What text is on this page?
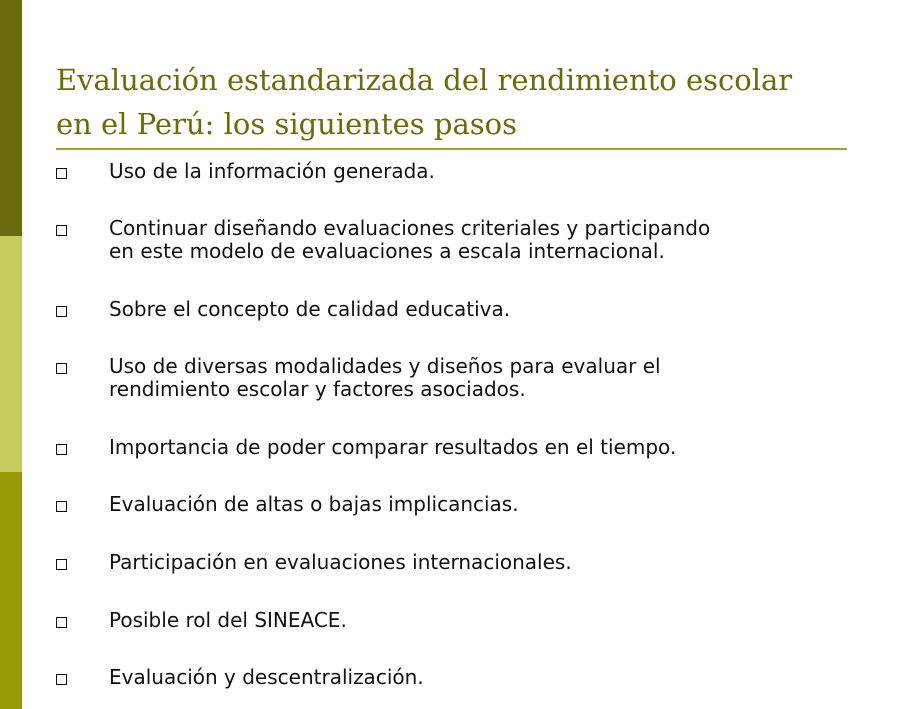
Evaluación estandarizada del rendimiento escolar
en el Perú: los siguientes pasos
Uso de la información generada.
Continuar diseñando evaluaciones criteriales y participando
en este modelo de evaluaciones a escala internacional.
Sobre el concepto de calidad educativa.
Uso de diversas modalidades y diseños para evaluar el
rendimiento escolar y factores asociados.
Importancia de poder comparar resultados en el tiempo.
Evaluación de altas o bajas implicancias.
Participación en evaluaciones internacionales.
Posible rol del SINEACE.
Evaluación y descentralización.
